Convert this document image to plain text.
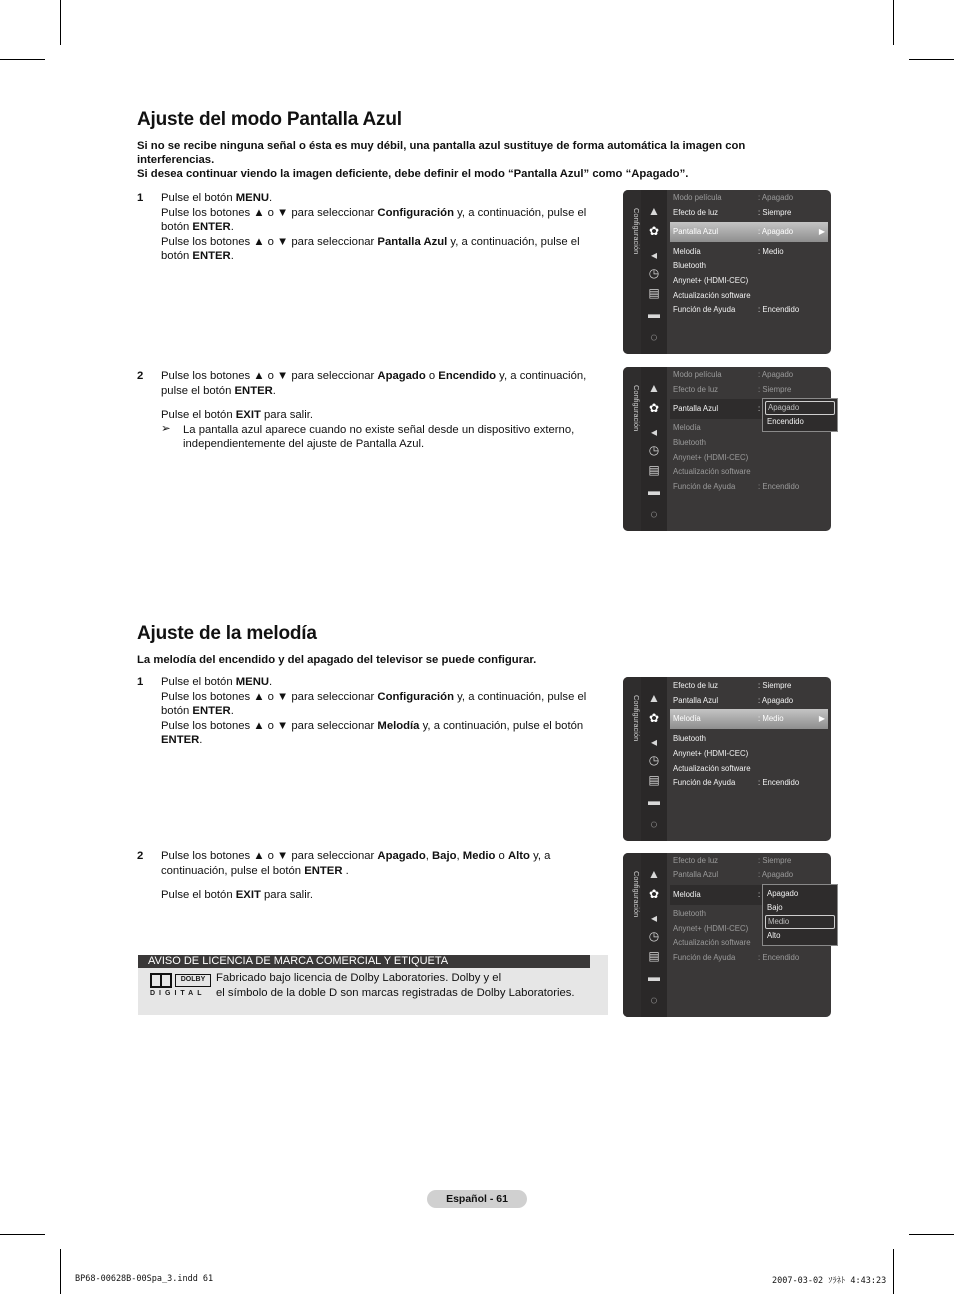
Ajuste del modo Pantalla Azul
Si no se recibe ninguna señal o ésta es muy débil, una pantalla azul sustituye de forma automática la imagen con interferencias.
Si desea continuar viendo la imagen deficiente, debe definir el modo “Pantalla Azul” como “Apagado”.
1 Pulse el botón MENU.

Pulse los botones ▲ o ▼ para seleccionar Configuración y, a continuación, pulse el botón ENTER.

Pulse los botones ▲ o ▼ para seleccionar Pantalla Azul y, a continuación, pulse el botón ENTER.

2 Pulse los botones ▲ o ▼ para seleccionar Apagado o Encendido y, a continuación, pulse el botón ENTER.

Pulse el botón EXIT para salir.

➢ La pantalla azul aparece cuando no existe señal desde un dispositivo externo, independientemente del ajuste de Pantalla Azul.
Configuración ▲
✿
◂
◷
▤
▬
◌
Modo película	: Apagado
Efecto de luz	: Siempre
Pantalla Azul	: Apagado	▶
Melodía	: Medio
Bluetooth
Anynet+ (HDMI-CEC)
Actualización software
Función de Ayuda	: Encendido
Configuración ▲
✿
◂
◷
▤
▬
◌
Modo película	: Apagado
Efecto de luz	: Siempre
Pantalla Azul	:
Melodía
Bluetooth
Anynet+ (HDMI-CEC)
Actualización software
Función de Ayuda	: Encendido
Apagado
Encendido
Ajuste de la melodía
La melodía del encendido y del apagado del televisor se puede configurar.
1 Pulse el botón MENU.

Pulse los botones ▲ o ▼ para seleccionar Configuración y, a continuación, pulse el botón ENTER.

Pulse los botones ▲ o ▼ para seleccionar Melodía y, a continuación, pulse el botón ENTER.

2 Pulse los botones ▲ o ▼ para seleccionar Apagado, Bajo, Medio o Alto y, a continuación, pulse el botón ENTER .

Pulse el botón EXIT para salir.

Configuración ▲
✿
◂
◷
▤
▬
◌
Efecto de luz	: Siempre
Pantalla Azul	: Apagado
Melodía	: Medio	▶
Bluetooth
Anynet+ (HDMI-CEC)
Actualización software
Función de Ayuda	: Encendido
Configuración ▲
✿
◂
◷
▤
▬
◌
Efecto de luz	: Siempre
Pantalla Azul	: Apagado
Melodía	:
Bluetooth
Anynet+ (HDMI-CEC)
Actualización software
Función de Ayuda	: Encendido
Apagado
Bajo
Medio
Alto
AVISO DE LICENCIA DE MARCA COMERCIAL Y ETIQUETA
DOLBY
DIGITAL
Fabricado bajo licencia de Dolby Laboratories. Dolby y el
el símbolo de la doble D son marcas registradas de Dolby Laboratories.
Español - 61
BP68-00628B-00Spa_3.indd 61	2007-03-02 ｿﾗﾈﾄ 4:43:23
